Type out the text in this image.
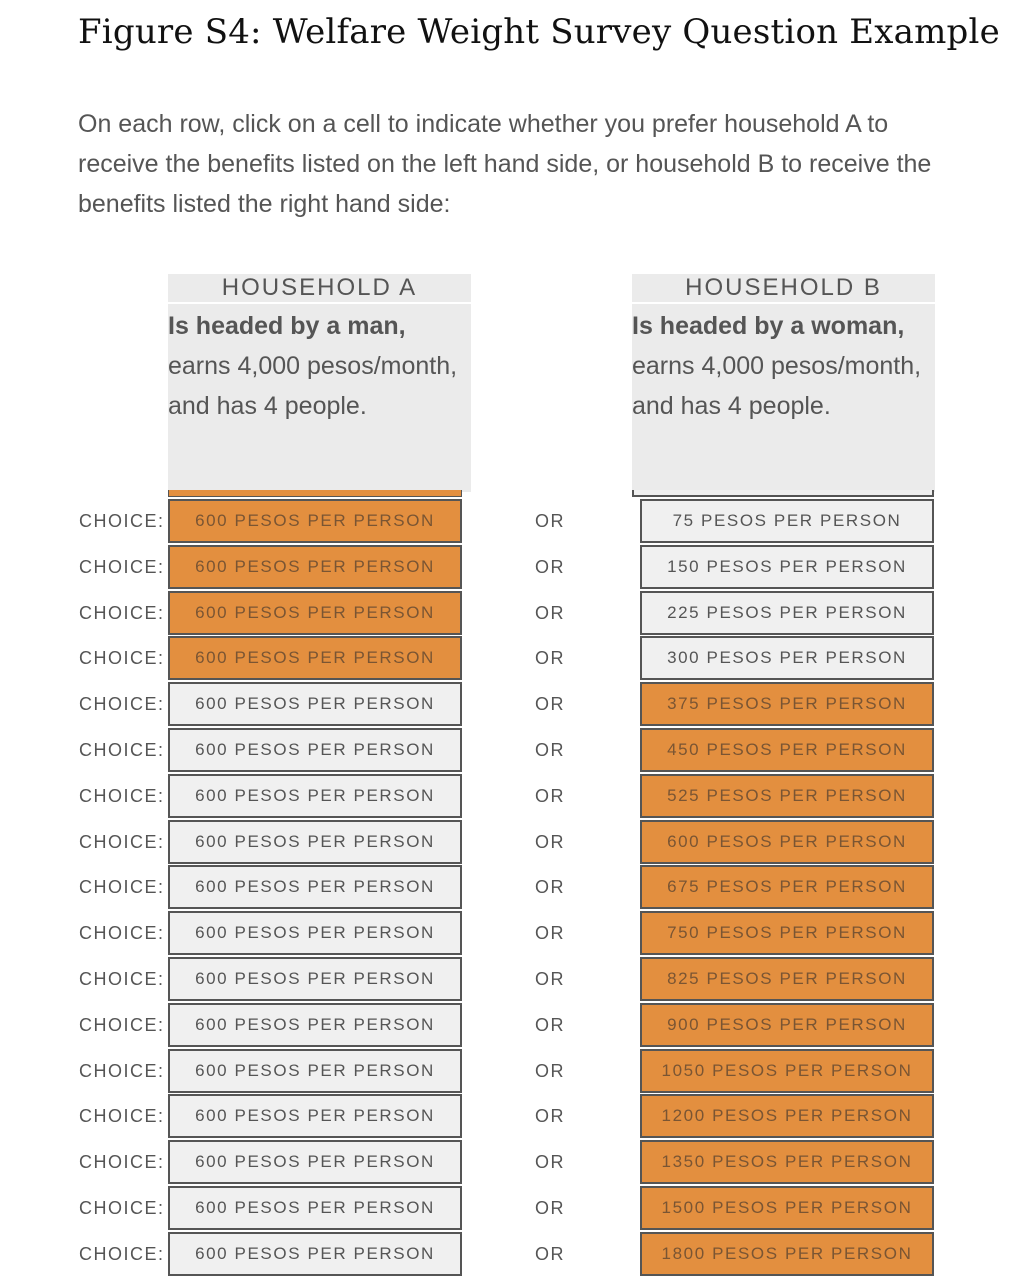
Figure S4: Welfare Weight Survey Question Example
On each row, click on a cell to indicate whether you prefer household A to receive the benefits listed on the left hand side, or household B to receive the benefits listed the right hand side:
HOUSEHOLD A
Is headed by a man, earns 4,000 pesos/month, and has 4 people.
HOUSEHOLD B
Is headed by a woman, earns 4,000 pesos/month, and has 4 people.
CHOICE:	600 PESOS PER PERSON	OR	75 PESOS PER PERSON
CHOICE:	600 PESOS PER PERSON	OR	150 PESOS PER PERSON
CHOICE:	600 PESOS PER PERSON	OR	225 PESOS PER PERSON
CHOICE:	600 PESOS PER PERSON	OR	300 PESOS PER PERSON
CHOICE:	600 PESOS PER PERSON	OR	375 PESOS PER PERSON
CHOICE:	600 PESOS PER PERSON	OR	450 PESOS PER PERSON
CHOICE:	600 PESOS PER PERSON	OR	525 PESOS PER PERSON
CHOICE:	600 PESOS PER PERSON	OR	600 PESOS PER PERSON
CHOICE:	600 PESOS PER PERSON	OR	675 PESOS PER PERSON
CHOICE:	600 PESOS PER PERSON	OR	750 PESOS PER PERSON
CHOICE:	600 PESOS PER PERSON	OR	825 PESOS PER PERSON
CHOICE:	600 PESOS PER PERSON	OR	900 PESOS PER PERSON
CHOICE:	600 PESOS PER PERSON	OR	1050 PESOS PER PERSON
CHOICE:	600 PESOS PER PERSON	OR	1200 PESOS PER PERSON
CHOICE:	600 PESOS PER PERSON	OR	1350 PESOS PER PERSON
CHOICE:	600 PESOS PER PERSON	OR	1500 PESOS PER PERSON
CHOICE:	600 PESOS PER PERSON	OR	1800 PESOS PER PERSON
